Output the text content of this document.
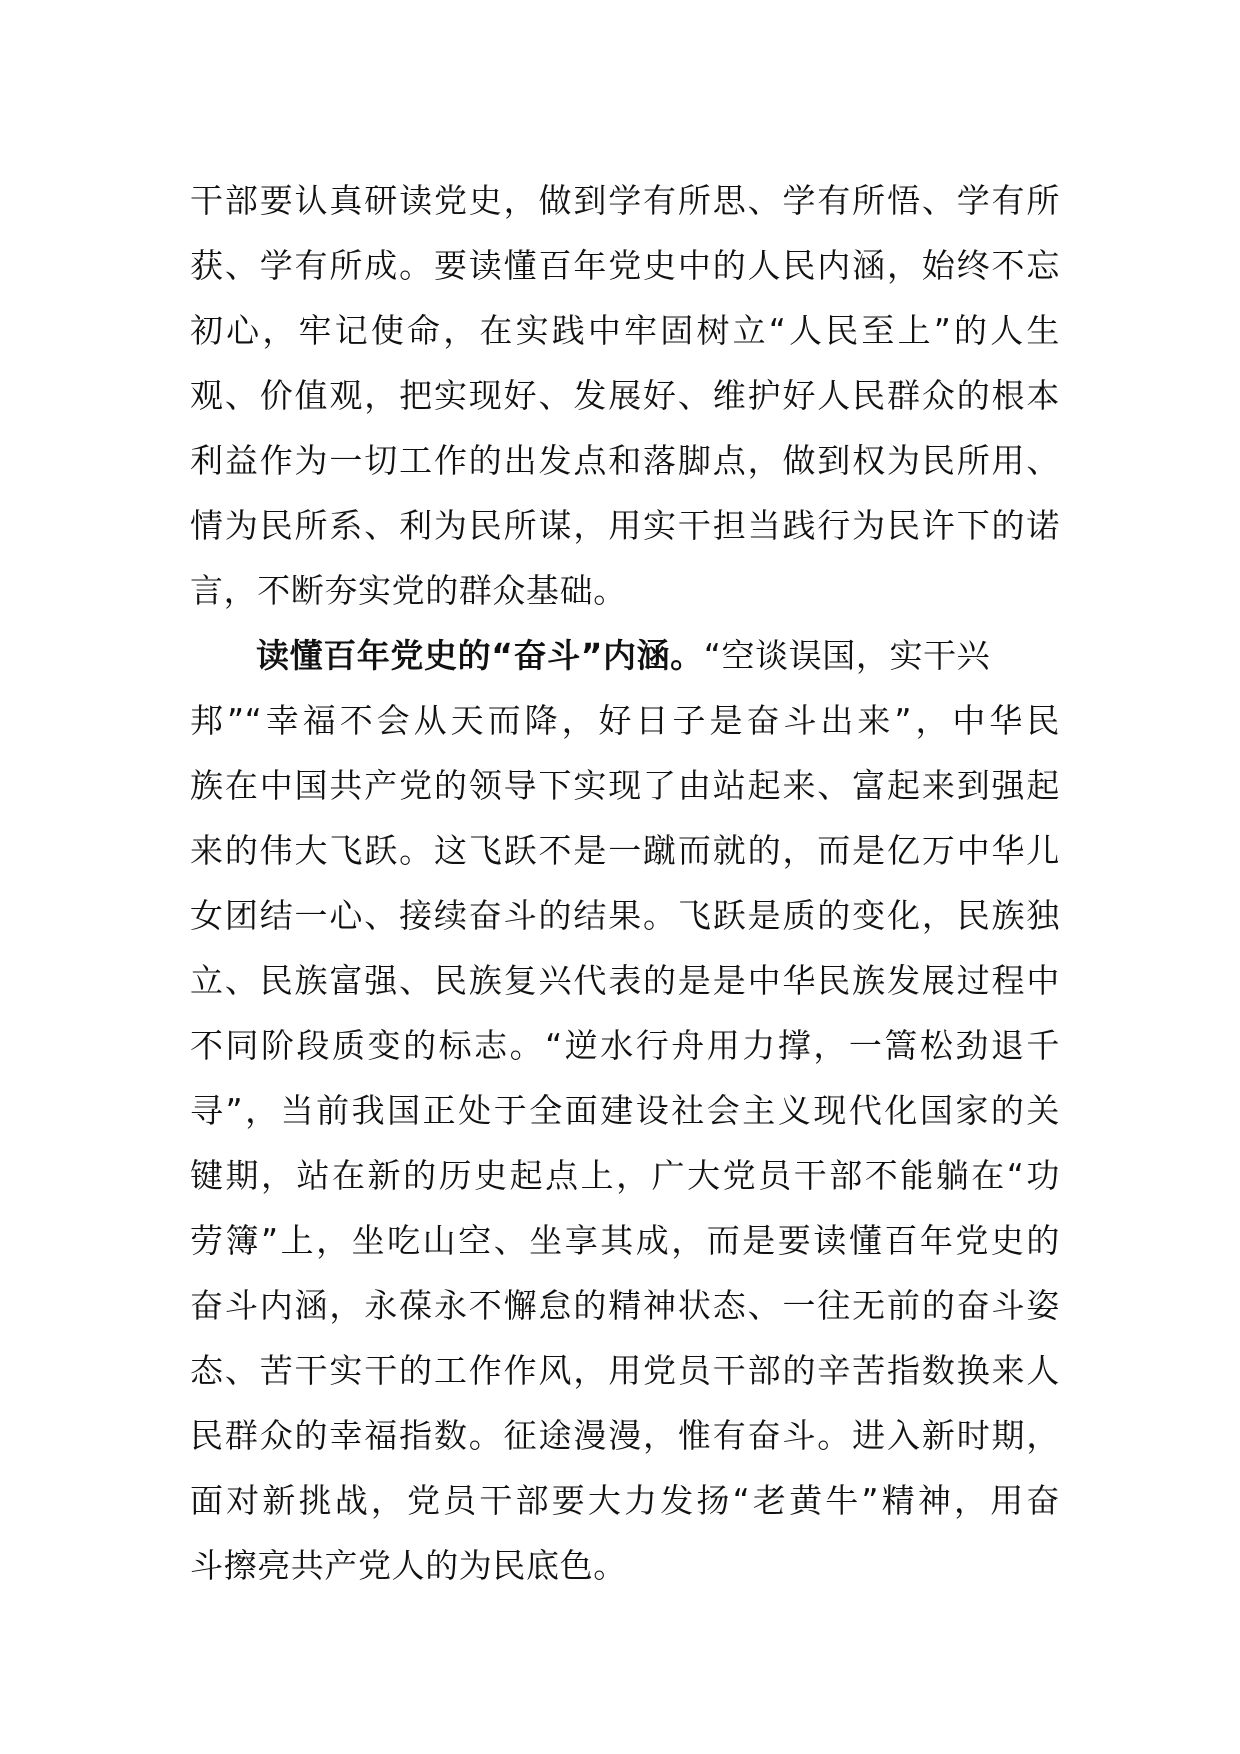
干部要认真研读党史，做到学有所思、学有所悟、学有所
获、学有所成。要读懂百年党史中的人民内涵，始终不忘
初心，牢记使命，在实践中牢固树立“人民至上”的人生
观、价值观，把实现好、发展好、维护好人民群众的根本
利益作为一切工作的出发点和落脚点，做到权为民所用、
情为民所系、利为民所谋，用实干担当践行为民许下的诺
言，不断夯实党的群众基础。
读懂百年党史的“奋斗”内涵。“空谈误国，实干兴
邦”“幸福不会从天而降，好日子是奋斗出来”，中华民
族在中国共产党的领导下实现了由站起来、富起来到强起
来的伟大飞跃。这飞跃不是一蹴而就的，而是亿万中华儿
女团结一心、接续奋斗的结果。飞跃是质的变化，民族独
立、民族富强、民族复兴代表的是是中华民族发展过程中
不同阶段质变的标志。“逆水行舟用力撑，一篙松劲退千
寻”，当前我国正处于全面建设社会主义现代化国家的关
键期，站在新的历史起点上，广大党员干部不能躺在“功
劳簿”上，坐吃山空、坐享其成，而是要读懂百年党史的
奋斗内涵，永葆永不懈怠的精神状态、一往无前的奋斗姿
态、苦干实干的工作作风，用党员干部的辛苦指数换来人
民群众的幸福指数。征途漫漫，惟有奋斗。进入新时期，
面对新挑战，党员干部要大力发扬“老黄牛”精神，用奋
斗擦亮共产党人的为民底色。
